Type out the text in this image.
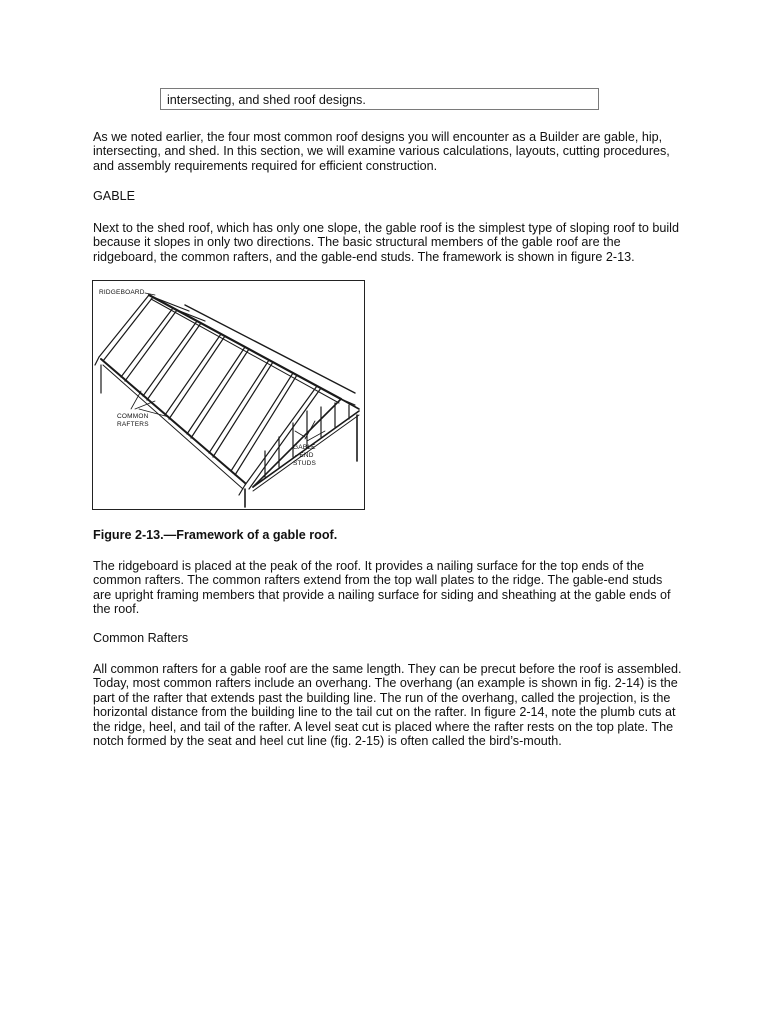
intersecting, and shed roof designs.

As we noted earlier, the four most common roof designs you will encounter as a Builder are gable, hip, intersecting, and shed. In this section, we will examine various calculations, layouts, cutting procedures, and assembly requirements required for efficient construction.

GABLE

Next to the shed roof, which has only one slope, the gable roof is the simplest type of sloping roof to build because it slopes in only two directions. The basic structural members of the gable roof are the ridgeboard, the common rafters, and the gable-end studs. The framework is shown in figure 2-13.

RIDGEBOARD
COMMON
RAFTERS
GABLE
- END
STUDS

Figure 2-13.—Framework of a gable roof.

The ridgeboard is placed at the peak of the roof. It provides a nailing surface for the top ends of the common rafters. The common rafters extend from the top wall plates to the ridge. The gable-end studs are upright framing members that provide a nailing surface for siding and sheathing at the gable ends of the roof.

Common Rafters

All common rafters for a gable roof are the same length. They can be precut before the roof is assembled. Today, most common rafters include an overhang. The overhang (an example is shown in fig. 2-14) is the part of the rafter that extends past the building line. The run of the overhang, called the projection, is the horizontal distance from the building line to the tail cut on the rafter. In figure 2-14, note the plumb cuts at the ridge, heel, and tail of the rafter. A level seat cut is placed where the rafter rests on the top plate. The notch formed by the seat and heel cut line (fig. 2-15) is often called the bird’s-mouth.
